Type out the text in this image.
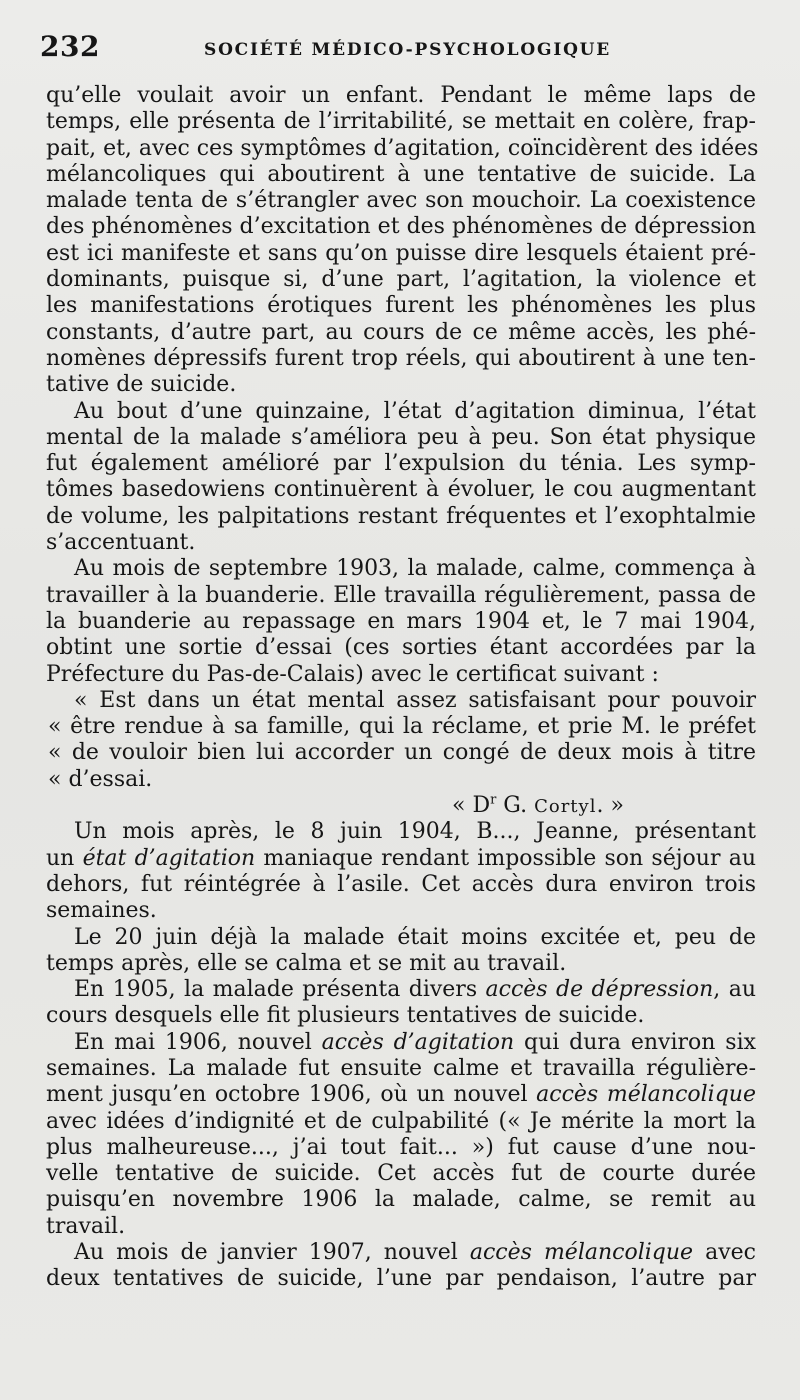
232	SOCIÉTÉ MÉDICO-PSYCHOLOGIQUE
qu’elle voulait avoir un enfant. Pendant le même laps de
temps, elle présenta de l’irritabilité, se mettait en colère, frap-
pait, et, avec ces symptômes d’agitation, coïncidèrent des idées
mélancoliques qui aboutirent à une tentative de suicide. La
malade tenta de s’étrangler avec son mouchoir. La coexistence
des phénomènes d’excitation et des phénomènes de dépression
est ici manifeste et sans qu’on puisse dire lesquels étaient pré-
dominants, puisque si, d’une part, l’agitation, la violence et
les manifestations érotiques furent les phénomènes les plus
constants, d’autre part, au cours de ce même accès, les phé-
nomènes dépressifs furent trop réels, qui aboutirent à une ten-
tative de suicide.
Au bout d’une quinzaine, l’état d’agitation diminua, l’état
mental de la malade s’améliora peu à peu. Son état physique
fut également amélioré par l’expulsion du ténia. Les symp-
tômes basedowiens continuèrent à évoluer, le cou augmentant
de volume, les palpitations restant fréquentes et l’exophtalmie
s’accentuant.
Au mois de septembre 1903, la malade, calme, commença à
travailler à la buanderie. Elle travailla régulièrement, passa de
la buanderie au repassage en mars 1904 et, le 7 mai 1904,
obtint une sortie d’essai (ces sorties étant accordées par la
Préfecture du Pas-de-Calais) avec le certificat suivant :
« Est dans un état mental assez satisfaisant pour pouvoir
« être rendue à sa famille, qui la réclame, et prie M. le préfet
« de vouloir bien lui accorder un congé de deux mois à titre
« d’essai.
« $D^r$ G. Cortyl. »
Un mois après, le 8 juin 1904, B..., Jeanne, présentant
un état d’agitation maniaque rendant impossible son séjour au
dehors, fut réintégrée à l’asile. Cet accès dura environ trois
semaines.
Le 20 juin déjà la malade était moins excitée et, peu de
temps après, elle se calma et se mit au travail.
En 1905, la malade présenta divers accès de dépression, au
cours desquels elle fit plusieurs tentatives de suicide.
En mai 1906, nouvel accès d’agitation qui dura environ six
semaines. La malade fut ensuite calme et travailla régulière-
ment jusqu’en octobre 1906, où un nouvel accès mélancolique
avec idées d’indignité et de culpabilité (« Je mérite la mort la
plus malheureuse..., j’ai tout fait... ») fut cause d’une nou-
velle tentative de suicide. Cet accès fut de courte durée
puisqu’en novembre 1906 la malade, calme, se remit au
travail.
Au mois de janvier 1907, nouvel accès mélancolique avec
deux tentatives de suicide, l’une par pendaison, l’autre par
